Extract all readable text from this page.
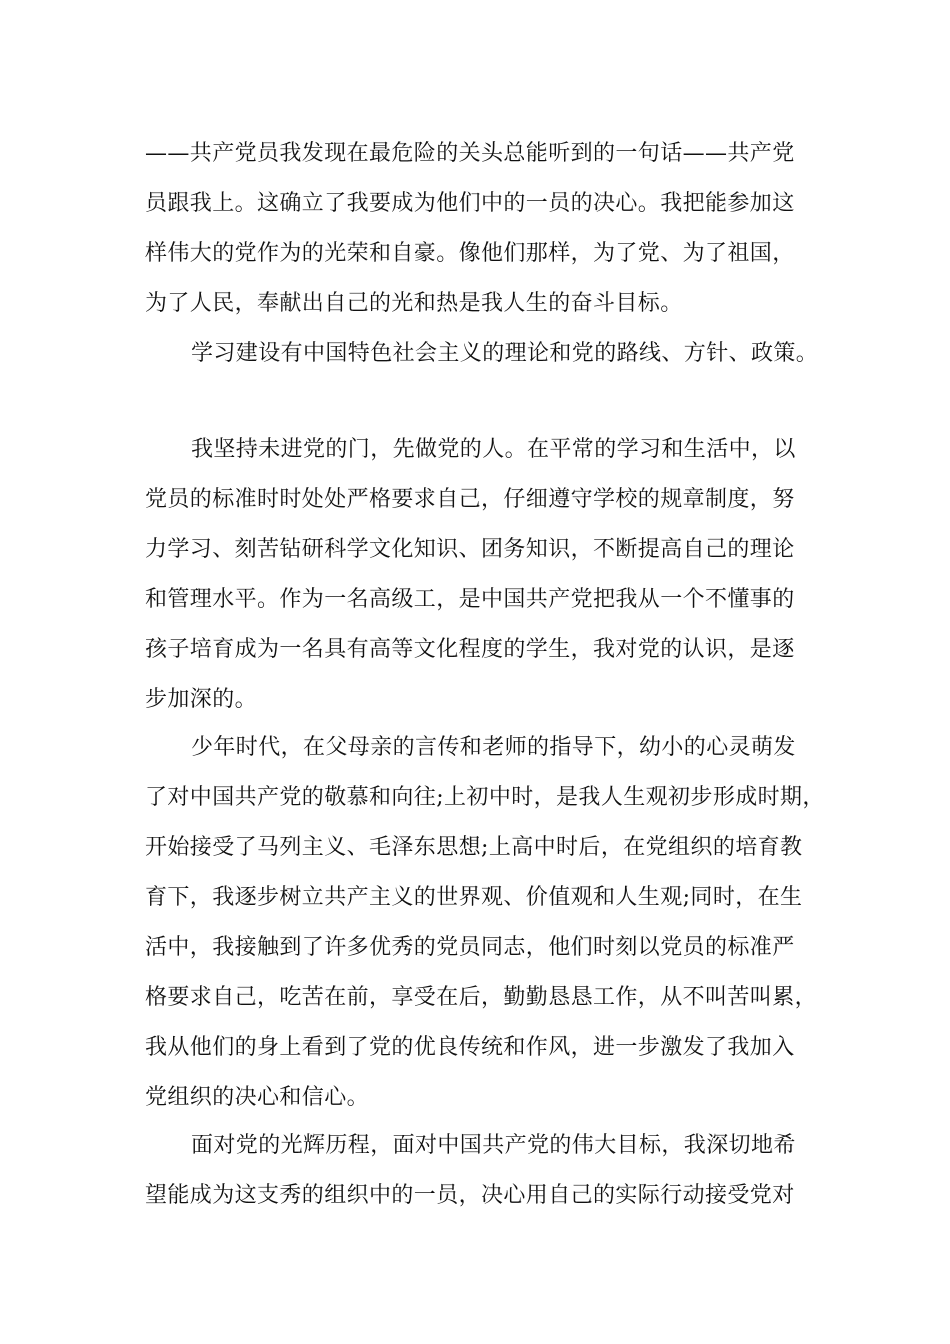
——共产党员我发现在最危险的关头总能听到的一句话——共产党
员跟我上。这确立了我要成为他们中的一员的决心。我把能参加这
样伟大的党作为的光荣和自豪。像他们那样，为了党、为了祖国，
为了人民，奉献出自己的光和热是我人生的奋斗目标。
学习建设有中国特色社会主义的理论和党的路线、方针、政策。
我坚持未进党的门，先做党的人。在平常的学习和生活中，以
党员的标准时时处处严格要求自己，仔细遵守学校的规章制度，努
力学习、刻苦钻研科学文化知识、团务知识，不断提高自己的理论
和管理水平。作为一名高级工，是中国共产党把我从一个不懂事的
孩子培育成为一名具有高等文化程度的学生，我对党的认识，是逐
步加深的。
少年时代，在父母亲的言传和老师的指导下，幼小的心灵萌发
了对中国共产党的敬慕和向往;上初中时，是我人生观初步形成时期，
开始接受了马列主义、毛泽东思想;上高中时后，在党组织的培育教
育下，我逐步树立共产主义的世界观、价值观和人生观;同时，在生
活中，我接触到了许多优秀的党员同志，他们时刻以党员的标准严
格要求自己，吃苦在前，享受在后，勤勤恳恳工作，从不叫苦叫累，
我从他们的身上看到了党的优良传统和作风，进一步激发了我加入
党组织的决心和信心。
面对党的光辉历程，面对中国共产党的伟大目标，我深切地希
望能成为这支秀的组织中的一员，决心用自己的实际行动接受党对
